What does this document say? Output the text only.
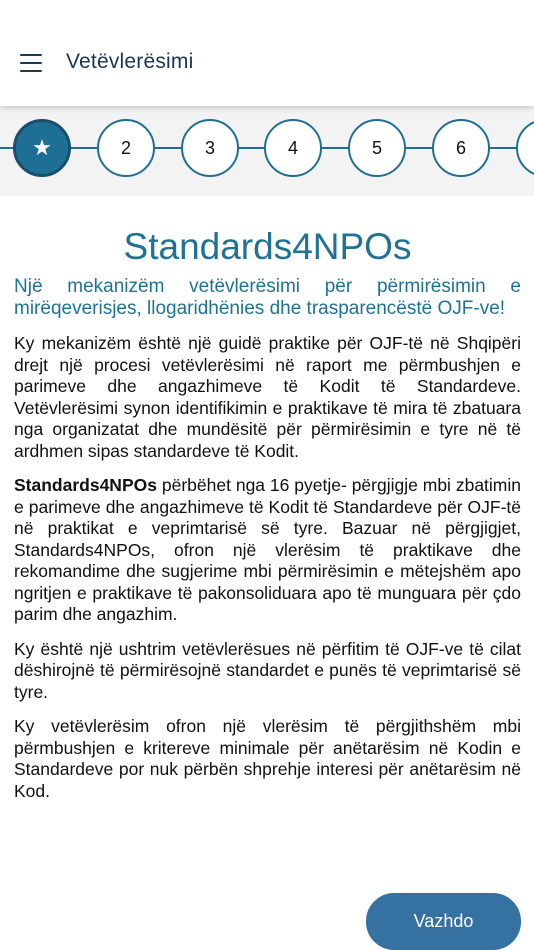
Vetëvlerësimi
★	2	3	4	5	6
Standards4NPOs
Një mekanizëm vetëvlerësimi për përmirësimin e mirëqeverisjes, llogaridhënies dhe trasparencëstë OJF-ve!

Ky mekanizëm është një guidë praktike për OJF-të në Shqipëri drejt një procesi vetëvlerësimi në raport me përmbushjen e parimeve dhe angazhimeve të Kodit të Standardeve. Vetëvlerësimi synon identifikimin e praktikave të mira të zbatuara nga organizatat dhe mundësitë për përmirësimin e tyre në të ardhmen sipas standardeve të Kodit.

Standards4NPOs përbëhet nga 16 pyetje- përgjigje mbi zbatimin e parimeve dhe angazhimeve të Kodit të Standardeve për OJF-të në praktikat e veprimtarisë së tyre. Bazuar në përgjigjet, Standards4NPOs, ofron një vlerësim të praktikave dhe rekomandime dhe sugjerime mbi përmirësimin e mëtejshëm apo ngritjen e praktikave të pakonsoliduara apo të munguara për çdo parim dhe angazhim.

Ky është një ushtrim vetëvlerësues në përfitim të OJF-ve të cilat dëshirojnë të përmirësojnë standardet e punës të veprimtarisë së tyre.

Ky vetëvlerësim ofron një vlerësim të përgjithshëm mbi përmbushjen e kritereve minimale për anëtarësim në Kodin e Standardeve por nuk përbën shprehje interesi për anëtarësim në Kod.

Vazhdo
